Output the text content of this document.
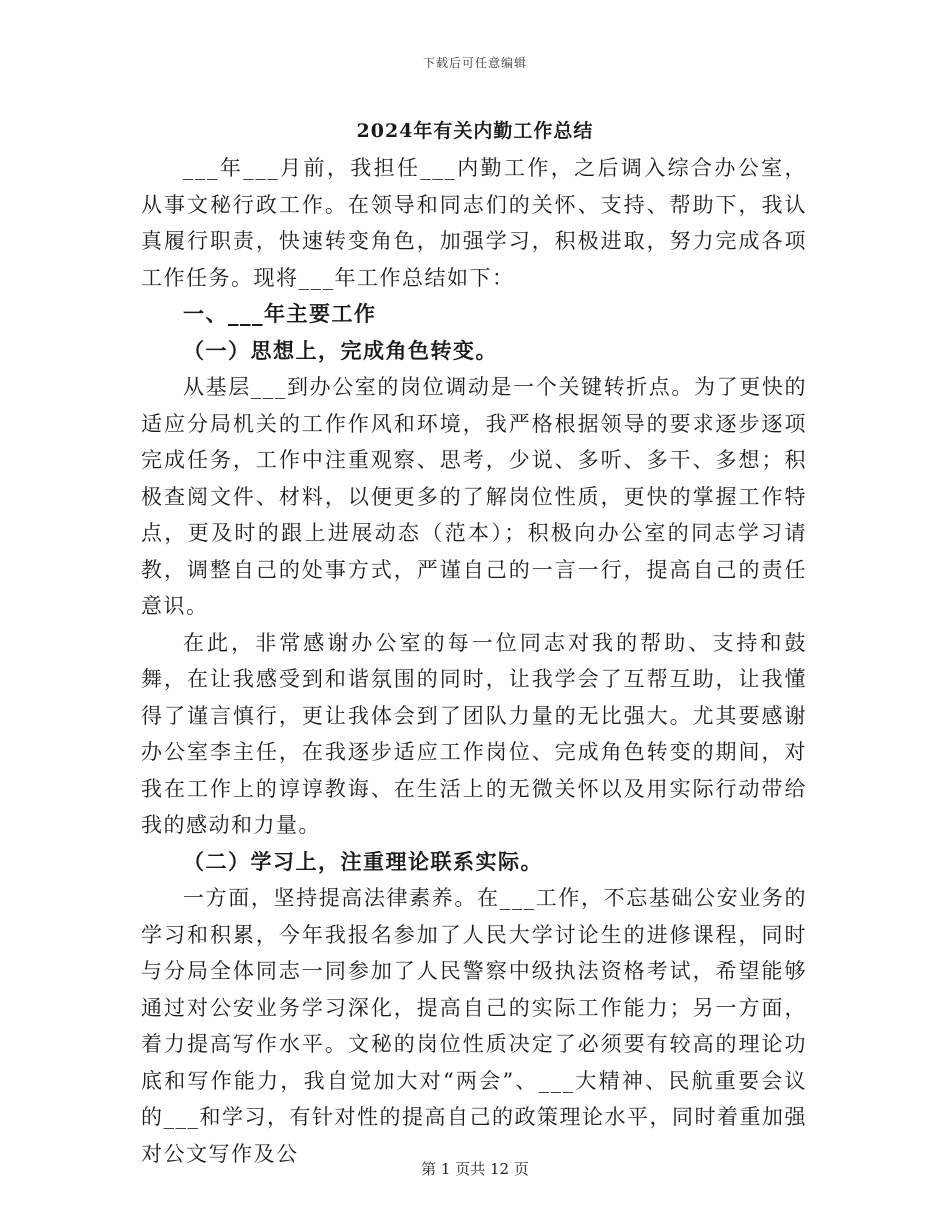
下载后可任意编辑
2024年有关内勤工作总结

___年___月前，我担任___内勤工作，之后调入综合办公室，从事文秘行政工作。在领导和同志们的关怀、支持、帮助下，我认真履行职责，快速转变角色，加强学习，积极进取，努力完成各项工作任务。现将___年工作总结如下：

一、___年主要工作

（一）思想上，完成角色转变。

从基层___到办公室的岗位调动是一个关键转折点。为了更快的适应分局机关的工作作风和环境，我严格根据领导的要求逐步逐项完成任务，工作中注重观察、思考，少说、多听、多干、多想；积极查阅文件、材料，以便更多的了解岗位性质，更快的掌握工作特点，更及时的跟上进展动态（范本）；积极向办公室的同志学习请教，调整自己的处事方式，严谨自己的一言一行，提高自己的责任意识。

在此，非常感谢办公室的每一位同志对我的帮助、支持和鼓舞，在让我感受到和谐氛围的同时，让我学会了互帮互助，让我懂得了谨言慎行，更让我体会到了团队力量的无比强大。尤其要感谢办公室李主任，在我逐步适应工作岗位、完成角色转变的期间，对我在工作上的谆谆教诲、在生活上的无微关怀以及用实际行动带给我的感动和力量。

（二）学习上，注重理论联系实际。

一方面，坚持提高法律素养。在___工作，不忘基础公安业务的学习和积累，今年我报名参加了人民大学讨论生的进修课程，同时与分局全体同志一同参加了人民警察中级执法资格考试，希望能够通过对公安业务学习深化，提高自己的实际工作能力；另一方面，着力提高写作水平。文秘的岗位性质决定了必须要有较高的理论功底和写作能力，我自觉加大对“两会”、___大精神、民航重要会议的___和学习，有针对性的提高自己的政策理论水平，同时着重加强对公文写作及公

第 1 页共 12 页
